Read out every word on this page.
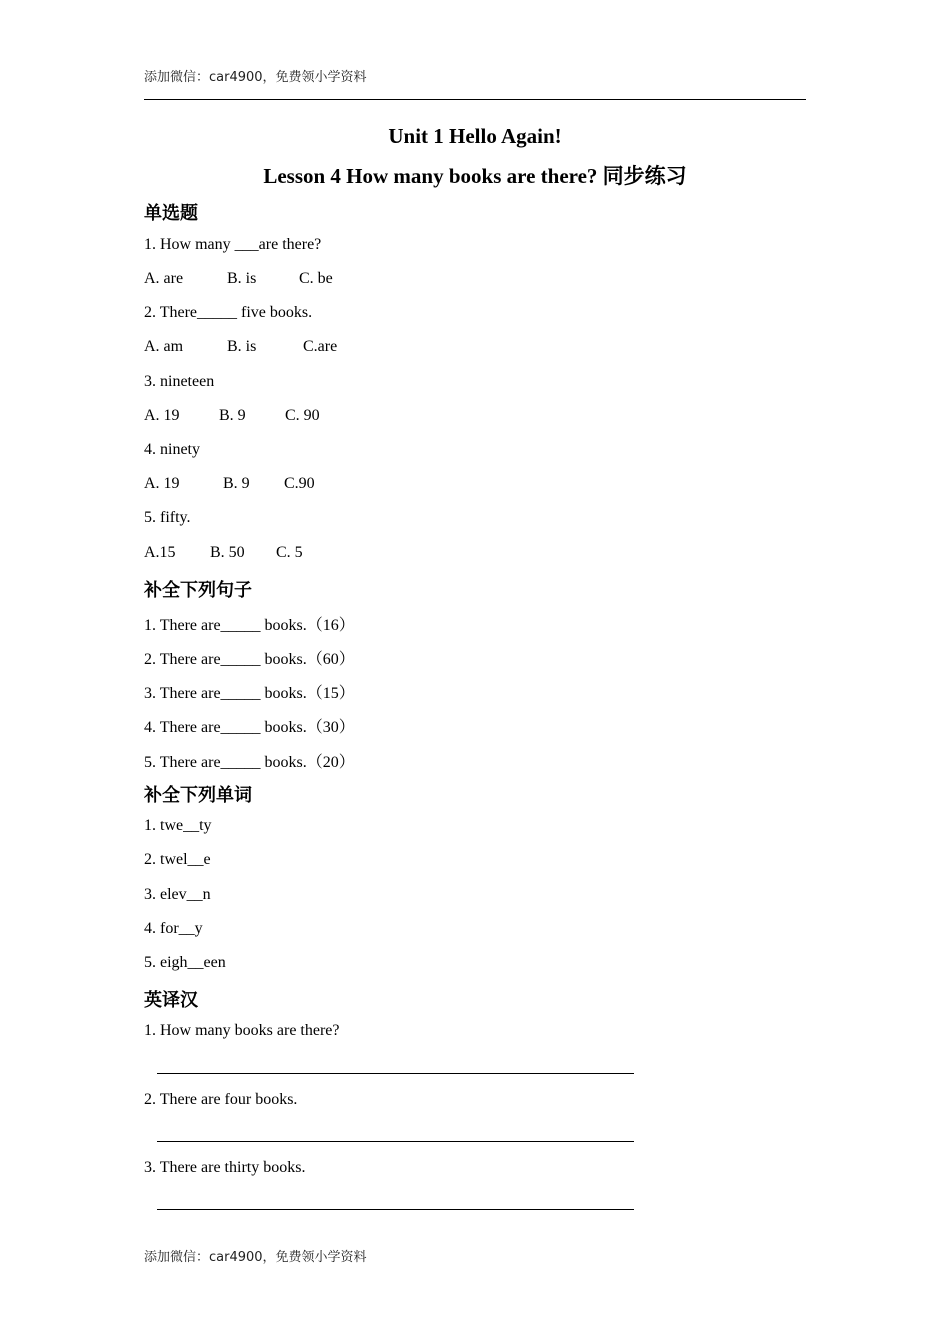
添加微信：car4900，免费领小学资料
Unit 1 Hello Again!
Lesson 4 How many books are there? 同步练习
单选题
1. How many ___are there?
A. are	B. is	C. be
2. There_____ five books.
A. am	B. is	C.are
3. nineteen
A. 19 B. 9 C. 90
4. ninety
A. 19	B. 9 C.90
5. fifty.
A.15 B. 50 C. 5
补全下列句子
1. There are_____ books.（16）
2. There are_____ books.（60）
3. There are_____ books.（15）
4. There are_____ books.（30）
5. There are_____ books.（20）
补全下列单词
1. twe__ty
2. twel__e
3. elev__n
4. for__y
5. eigh__een
英译汉
1. How many books are there?
2. There are four books.
3. There are thirty books.
添加微信：car4900，免费领小学资料
